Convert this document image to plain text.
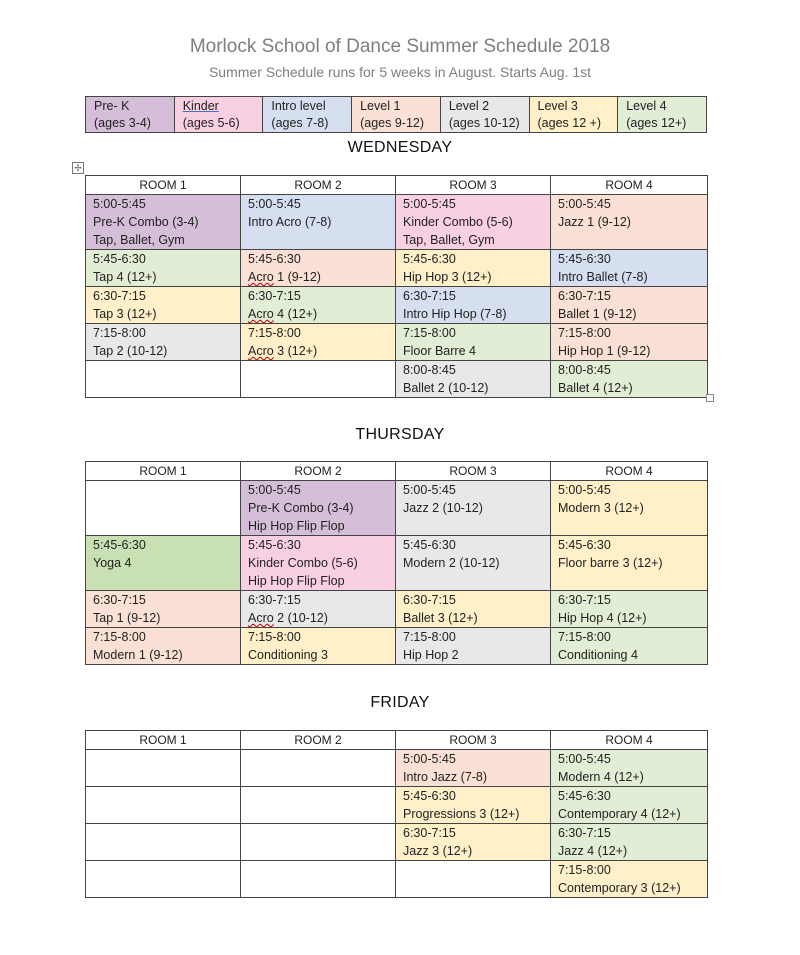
Morlock School of Dance Summer Schedule 2018
Summer Schedule runs for 5 weeks in August. Starts Aug. 1st
Pre- K
(ages 3-4)

Kinder
(ages 5-6)

Intro level
(ages 7-8)

Level 1
(ages 9-12)

Level 2
(ages 10-12)

Level 3
(ages 12 +)

Level 4
(ages 12+)
WEDNESDAY
✢
ROOM 1	ROOM 2	ROOM 3	ROOM 4

5:00-5:45
Pre-K Combo (3-4)
Tap, Ballet, Gym	5:00-5:45
Intro Acro (7-8)	5:00-5:45
Kinder Combo (5-6)
Tap, Ballet, Gym	5:00-5:45
Jazz 1 (9-12)

5:45-6:30
Tap 4 (12+)	5:45-6:30
Acro 1 (9-12)	5:45-6:30
Hip Hop 3 (12+)	5:45-6:30
Intro Ballet (7-8)

6:30-7:15
Tap 3 (12+)	6:30-7:15
Acro 4 (12+)	6:30-7:15
Intro Hip Hop (7-8)	6:30-7:15
Ballet 1 (9-12)

7:15-8:00
Tap 2 (10-12)	7:15-8:00
Acro 3 (12+)	7:15-8:00
Floor Barre 4	7:15-8:00
Hip Hop 1 (9-12)

		8:00-8:45
Ballet 2 (10-12)	8:00-8:45
Ballet 4 (12+)
THURSDAY
ROOM 1	ROOM 2	ROOM 3	ROOM 4

	5:00-5:45
Pre-K Combo (3-4)
Hip Hop Flip Flop	5:00-5:45
Jazz 2 (10-12)	5:00-5:45
Modern 3 (12+)

5:45-6:30
Yoga 4	5:45-6:30
Kinder Combo (5-6)
Hip Hop Flip Flop	5:45-6:30
Modern 2 (10-12)	5:45-6:30
Floor barre 3 (12+)

6:30-7:15
Tap 1 (9-12)	6:30-7:15
Acro 2 (10-12)	6:30-7:15
Ballet 3 (12+)	6:30-7:15
Hip Hop 4 (12+)

7:15-8:00
Modern 1 (9-12)	7:15-8:00
Conditioning 3	7:15-8:00
Hip Hop 2	7:15-8:00
Conditioning 4
FRIDAY
ROOM 1	ROOM 2	ROOM 3	ROOM 4

		5:00-5:45
Intro Jazz (7-8)	5:00-5:45
Modern 4 (12+)

		5:45-6:30
Progressions 3 (12+)	5:45-6:30
Contemporary 4 (12+)

		6:30-7:15
Jazz 3 (12+)	6:30-7:15
Jazz 4 (12+)

			7:15-8:00
Contemporary 3 (12+)
